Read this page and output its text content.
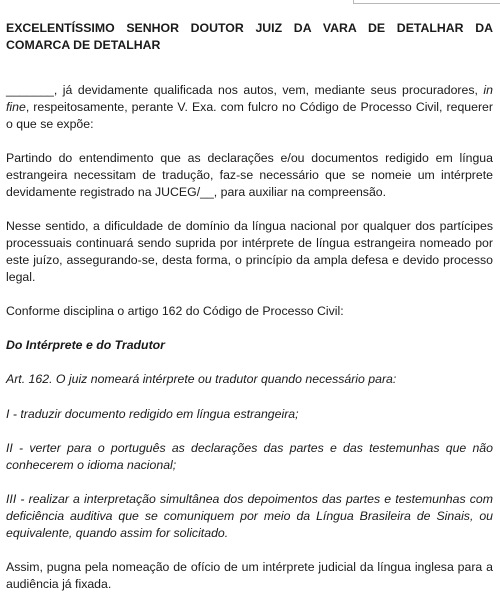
EXCELENTÍSSIMO SENHOR DOUTOR JUIZ DA VARA DE DETALHAR DA COMARCA DE DETALHAR

_______, já devidamente qualificada nos autos, vem, mediante seus procuradores, in fine, respeitosamente, perante V. Exa. com fulcro no Código de Processo Civil, requerer o que se expõe:

Partindo do entendimento que as declarações e/ou documentos redigido em língua estrangeira necessitam de tradução, faz-se necessário que se nomeie um intérprete devidamente registrado na JUCEG/__, para auxiliar na compreensão.

Nesse sentido, a dificuldade de domínio da língua nacional por qualquer dos partícipes processuais continuará sendo suprida por intérprete de língua estrangeira nomeado por este juízo, assegurando-se, desta forma, o princípio da ampla defesa e devido processo legal.

Conforme disciplina o artigo 162 do Código de Processo Civil:

Do Intérprete e do Tradutor

Art. 162. O juiz nomeará intérprete ou tradutor quando necessário para:

I - traduzir documento redigido em língua estrangeira;

II - verter para o português as declarações das partes e das testemunhas que não conhecerem o idioma nacional;

III - realizar a interpretação simultânea dos depoimentos das partes e testemunhas com deficiência auditiva que se comuniquem por meio da Língua Brasileira de Sinais, ou equivalente, quando assim for solicitado.

Assim, pugna pela nomeação de ofício de um intérprete judicial da língua inglesa para a audiência já fixada.
